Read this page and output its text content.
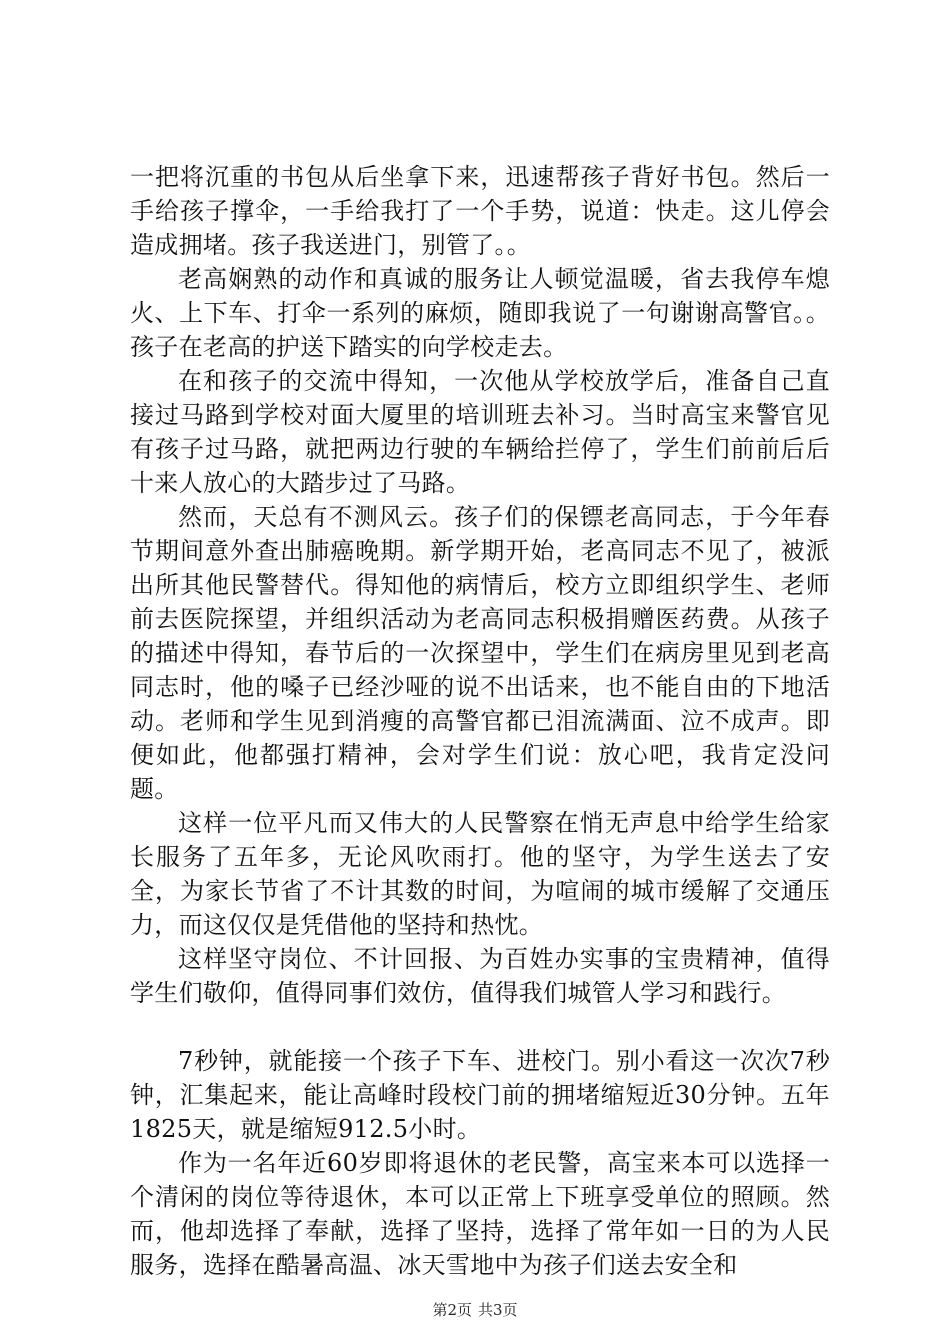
一把将沉重的书包从后坐拿下来，迅速帮孩子背好书包。然后一手给孩子撑伞，一手给我打了一个手势，说道：快走。这儿停会造成拥堵。孩子我送进门，别管了。。

老高娴熟的动作和真诚的服务让人顿觉温暖，省去我停车熄火、上下车、打伞一系列的麻烦，随即我说了一句谢谢高警官。。孩子在老高的护送下踏实的向学校走去。

在和孩子的交流中得知，一次他从学校放学后，准备自己直接过马路到学校对面大厦里的培训班去补习。当时高宝来警官见有孩子过马路，就把两边行驶的车辆给拦停了，学生们前前后后十来人放心的大踏步过了马路。

然而，天总有不测风云。孩子们的保镖老高同志，于今年春节期间意外查出肺癌晚期。新学期开始，老高同志不见了，被派出所其他民警替代。得知他的病情后，校方立即组织学生、老师前去医院探望，并组织活动为老高同志积极捐赠医药费。从孩子的描述中得知，春节后的一次探望中，学生们在病房里见到老高同志时，他的嗓子已经沙哑的说不出话来，也不能自由的下地活动。老师和学生见到消瘦的高警官都已泪流满面、泣不成声。即便如此，他都强打精神，会对学生们说：放心吧，我肯定没问题。

这样一位平凡而又伟大的人民警察在悄无声息中给学生给家长服务了五年多，无论风吹雨打。他的坚守，为学生送去了安全，为家长节省了不计其数的时间，为喧闹的城市缓解了交通压力，而这仅仅是凭借他的坚持和热忱。

这样坚守岗位、不计回报、为百姓办实事的宝贵精神，值得学生们敬仰，值得同事们效仿，值得我们城管人学习和践行。

7秒钟，就能接一个孩子下车、进校门。别小看这一次次7秒钟，汇集起来，能让高峰时段校门前的拥堵缩短近30分钟。五年1825天，就是缩短912.5小时。

作为一名年近60岁即将退休的老民警，高宝来本可以选择一个清闲的岗位等待退休，本可以正常上下班享受单位的照顾。然而，他却选择了奉献，选择了坚持，选择了常年如一日的为人民服务，选择在酷暑高温、冰天雪地中为孩子们送去安全和

第2页 共3页
